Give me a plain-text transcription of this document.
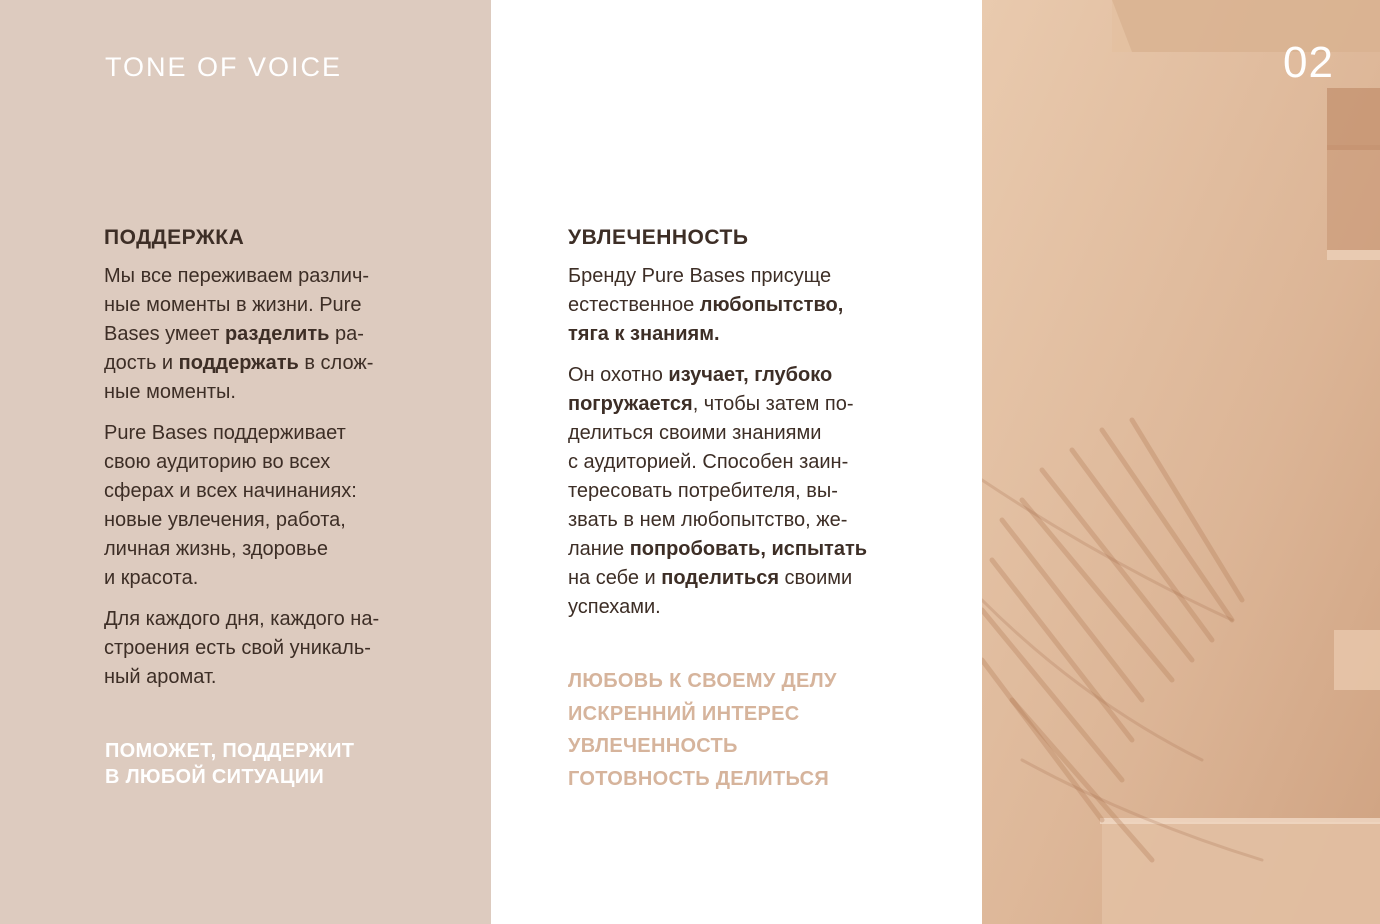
TONE OF VOICE	02
ПОДДЕРЖКА

Мы все переживаем различ-
ные моменты в жизни. Pure
Bases умеет разделить ра-
дость и поддержать в слож-
ные моменты.

Pure Bases поддерживает
свою аудиторию во всех
сферах и всех начинаниях:
новые увлечения, работа,
личная жизнь, здоровье
и красота.

Для каждого дня, каждого на-
строения есть свой уникаль-
ный аромат.

ПОМОЖЕТ, ПОДДЕРЖИТ
В ЛЮБОЙ СИТУАЦИИ
УВЛЕЧЕННОСТЬ

Бренду Pure Bases присуще
естественное любопытство,
тяга к знаниям.

Он охотно изучает, глубоко
погружается, чтобы затем по-
делиться своими знаниями
с аудиторией. Способен заин-
тересовать потребителя, вы-
звать в нем любопытство, же-
лание попробовать, испытать
на себе и поделиться своими
успехами.

ЛЮБОВЬ К СВОЕМУ ДЕЛУ
ИСКРЕННИЙ ИНТЕРЕС
УВЛЕЧЕННОСТЬ
ГОТОВНОСТЬ ДЕЛИТЬСЯ
